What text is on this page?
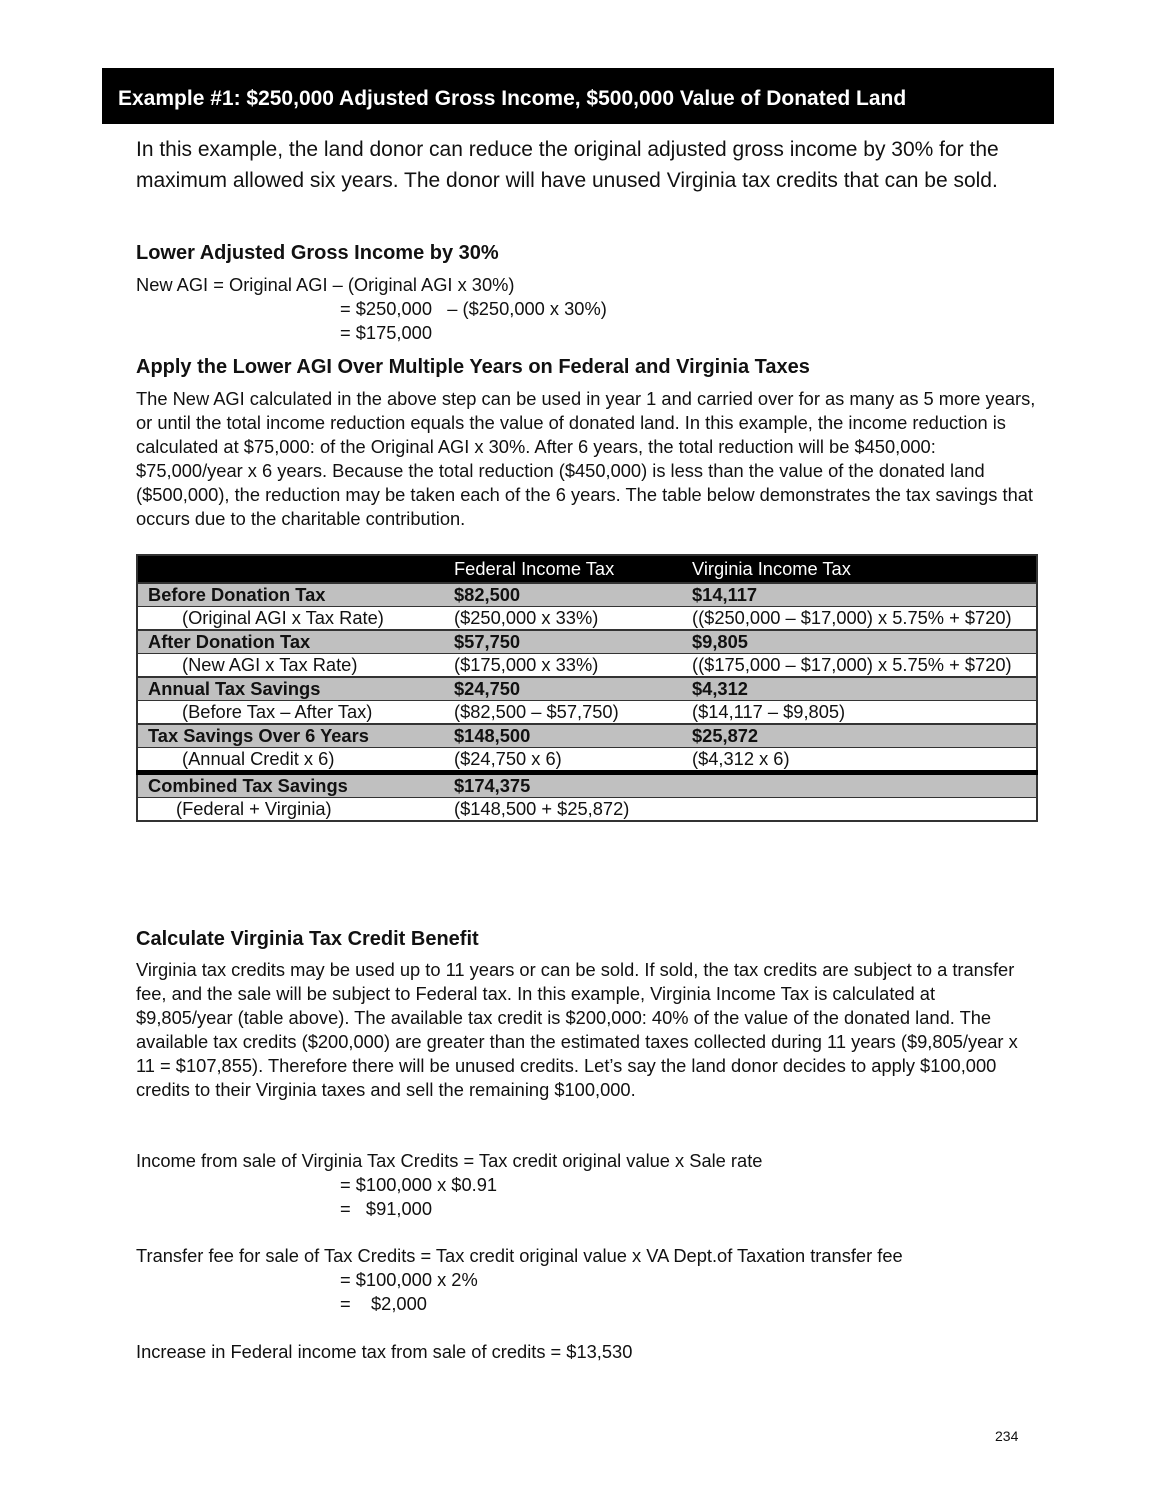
Example #1: $250,000 Adjusted Gross Income, $500,000 Value of Donated Land
In this example, the land donor can reduce the original adjusted gross income by 30% for the maximum allowed six years. The donor will have unused Virginia tax credits that can be sold.
Lower Adjusted Gross Income by 30%
New AGI = Original AGI – (Original AGI x 30%)
= $250,000   – ($250,000 x 30%)
= $175,000
Apply the Lower AGI Over Multiple Years on Federal and Virginia Taxes
The New AGI calculated in the above step can be used in year 1 and carried over for as many as 5 more years, or until the total income reduction equals the value of donated land. In this example, the income reduction is calculated at $75,000: of the Original AGI x 30%. After 6 years, the total reduction will be $450,000: $75,000/year x 6 years. Because the total reduction ($450,000) is less than the value of the donated land ($500,000), the reduction may be taken each of the 6 years. The table below demonstrates the tax savings that occurs due to the charitable contribution.
	Federal Income Tax	Virginia Income Tax
Before Donation Tax	$82,500	$14,117
(Original AGI x Tax Rate)	($250,000 x 33%)	(($250,000 – $17,000) x 5.75% + $720)
After Donation Tax	$57,750	$9,805
(New AGI x Tax Rate)	($175,000 x 33%)	(($175,000 – $17,000) x 5.75% + $720)
Annual Tax Savings	$24,750	$4,312
(Before Tax – After Tax)	($82,500 – $57,750)	($14,117 – $9,805)
Tax Savings Over 6 Years	$148,500	$25,872
(Annual Credit x 6)	($24,750 x 6)	($4,312 x 6)
Combined Tax Savings	$174,375	
(Federal + Virginia)	($148,500 + $25,872)	
Calculate Virginia Tax Credit Benefit
Virginia tax credits may be used up to 11 years or can be sold. If sold, the tax credits are subject to a transfer fee, and the sale will be subject to Federal tax. In this example, Virginia Income Tax is calculated at $9,805/year (table above). The available tax credit is $200,000: 40% of the value of the donated land. The available tax credits ($200,000) are greater than the estimated taxes collected during 11 years ($9,805/year x 11 = $107,855). Therefore there will be unused credits. Let’s say the land donor decides to apply $100,000 credits to their Virginia taxes and sell the remaining $100,000.
Income from sale of Virginia Tax Credits = Tax credit original value x Sale rate
= $100,000 x $0.91
=   $91,000
Transfer fee for sale of Tax Credits = Tax credit original value x VA Dept.of Taxation transfer fee
= $100,000 x 2%
=    $2,000
Increase in Federal income tax from sale of credits = $13,530
234
